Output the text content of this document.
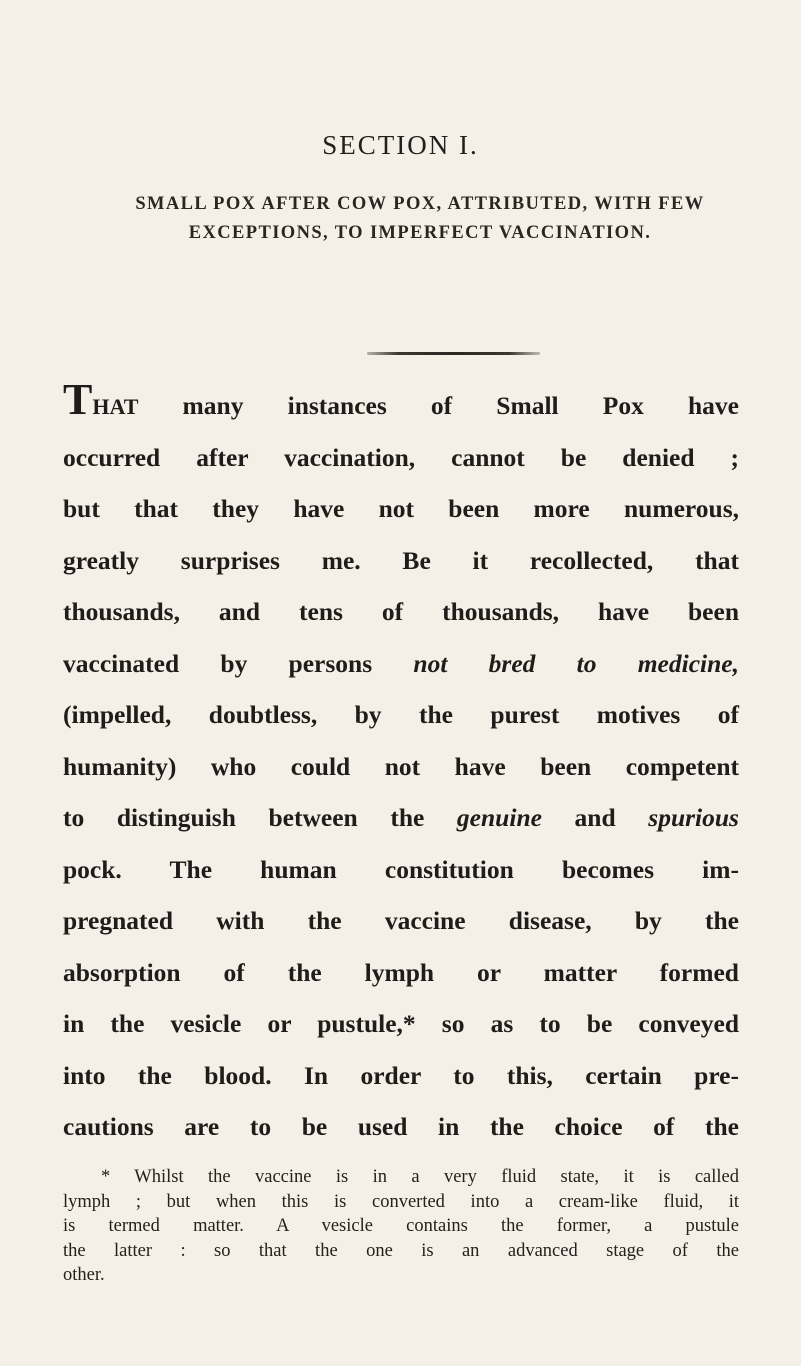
SECTION I.
SMALL POX AFTER COW POX, ATTRIBUTED, WITH FEW
EXCEPTIONS, TO IMPERFECT VACCINATION.
THAT many instances of Small Pox have
occurred after vaccination, cannot be denied ;
but that they have not been more numerous,
greatly surprises me. Be it recollected, that
thousands, and tens of thousands, have been
vaccinated by persons not bred to medicine,
(impelled, doubtless, by the purest motives of
humanity) who could not have been competent
to distinguish between the genuine and spurious
pock. The human constitution becomes im-
pregnated with the vaccine disease, by the
absorption of the lymph or matter formed
in the vesicle or pustule,* so as to be conveyed
into the blood. In order to this, certain pre-
cautions are to be used in the choice of the
* Whilst the vaccine is in a very fluid state, it is called
lymph ; but when this is converted into a cream-like fluid, it
is termed matter. A vesicle contains the former, a pustule
the latter : so that the one is an advanced stage of the
other.
